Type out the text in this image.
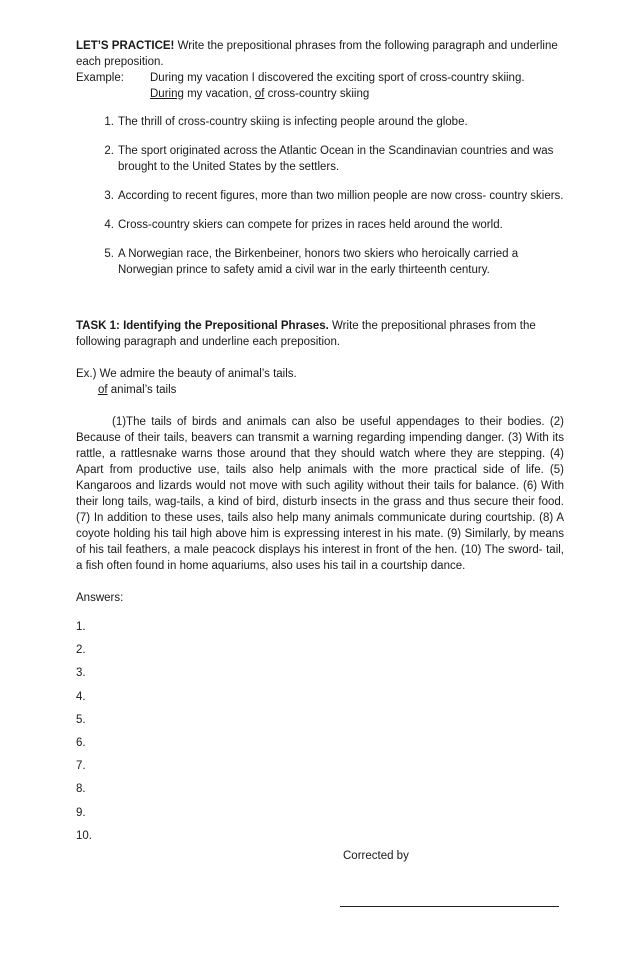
LET’S PRACTICE! Write the prepositional phrases from the following paragraph and underline each preposition.

Example:	During my vacation I discovered the exciting sport of cross-country skiing.
During my vacation, of cross-country skiing
1. The thrill of cross-country skiing is infecting people around the globe.
2. The sport originated across the Atlantic Ocean in the Scandinavian countries and was brought to the United States by the settlers.
3. According to recent figures, more than two million people are now cross- country skiers.
4. Cross-country skiers can compete for prizes in races held around the world.
5. A Norwegian race, the Birkenbeiner, honors two skiers who heroically carried a Norwegian prince to safety amid a civil war in the early thirteenth century.

TASK 1: Identifying the Prepositional Phrases. Write the prepositional phrases from the following paragraph and underline each preposition.

Ex.) We admire the beauty of animal’s tails.
of animal’s tails

(1)The tails of birds and animals can also be useful appendages to their bodies. (2) Because of their tails, beavers can transmit a warning regarding impending danger. (3) With its rattle, a rattlesnake warns those around that they should watch where they are stepping. (4) Apart from productive use, tails also help animals with the more practical side of life. (5) Kangaroos and lizards would not move with such agility without their tails for balance. (6) With their long tails, wag-tails, a kind of bird, disturb insects in the grass and thus secure their food. (7) In addition to these uses, tails also help many animals communicate during courtship. (8) A coyote holding his tail high above him is expressing interest in his mate. (9) Similarly, by means of his tail feathers, a male peacock displays his interest in front of the hen. (10) The sword- tail, a fish often found in home aquariums, also uses his tail in a courtship dance.

Answers:

1.
2.
3.
4.
5.
6.
7.
8.
9.
10.
Corrected by
